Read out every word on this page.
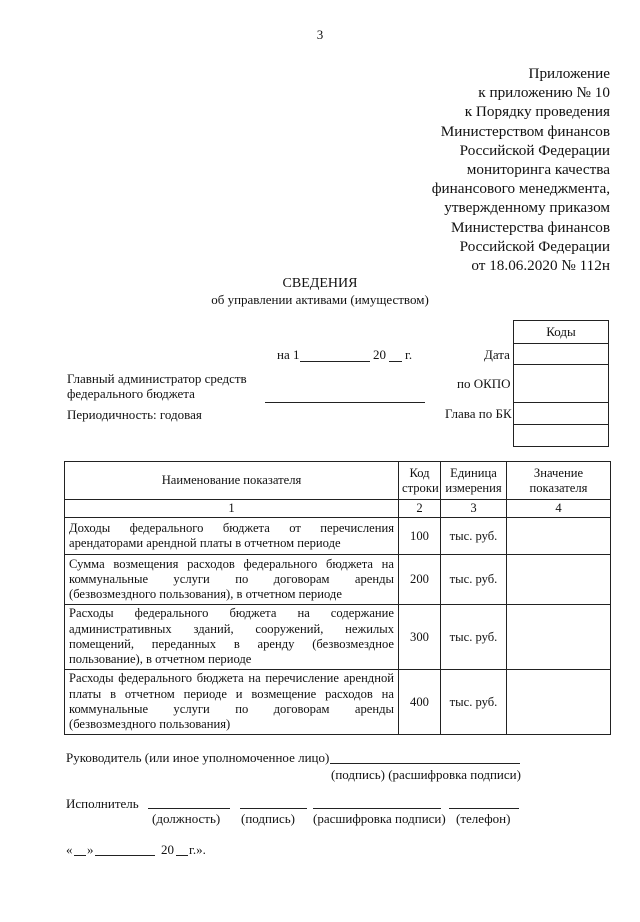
3
Приложение
к приложению № 10
к Порядку проведения
Министерством финансов
Российской Федерации
мониторинга качества
финансового менеджмента,
утвержденному приказом
Министерства финансов
Российской Федерации
от 18.06.2020 № 112н
СВЕДЕНИЯ
об управлении активами (имуществом)
Коды

на 1	20 г.	Дата
Главный администратор средств
федерального бюджета
по ОКПО
Периодичность: годовая	Глава по БК
Наименование показателя	Код строки	Единица измерения	Значение показателя
1	2	3	4
Доходы федерального бюджета от перечисления арендаторами арендной платы в отчетном периоде	100	тыс. руб.	
Сумма возмещения расходов федерального бюджета на коммунальные услуги по договорам аренды (безвозмездного пользования), в отчетном периоде	200	тыс. руб.	
Расходы федерального бюджета на содержание административных зданий, сооружений, нежилых помещений, переданных в аренду (безвозмездное пользование), в отчетном периоде	300	тыс. руб.	
Расходы федерального бюджета на перечисление арендной платы в отчетном периоде и возмещение расходов на коммунальные услуги по договорам аренды (безвозмездного пользования)	400	тыс. руб.	
Руководитель (или иное уполномоченное лицо)
(подпись) (расшифровка подписи)
Исполнитель
(должность) (подпись) (расшифровка подписи) (телефон)
« »	20 г.».
